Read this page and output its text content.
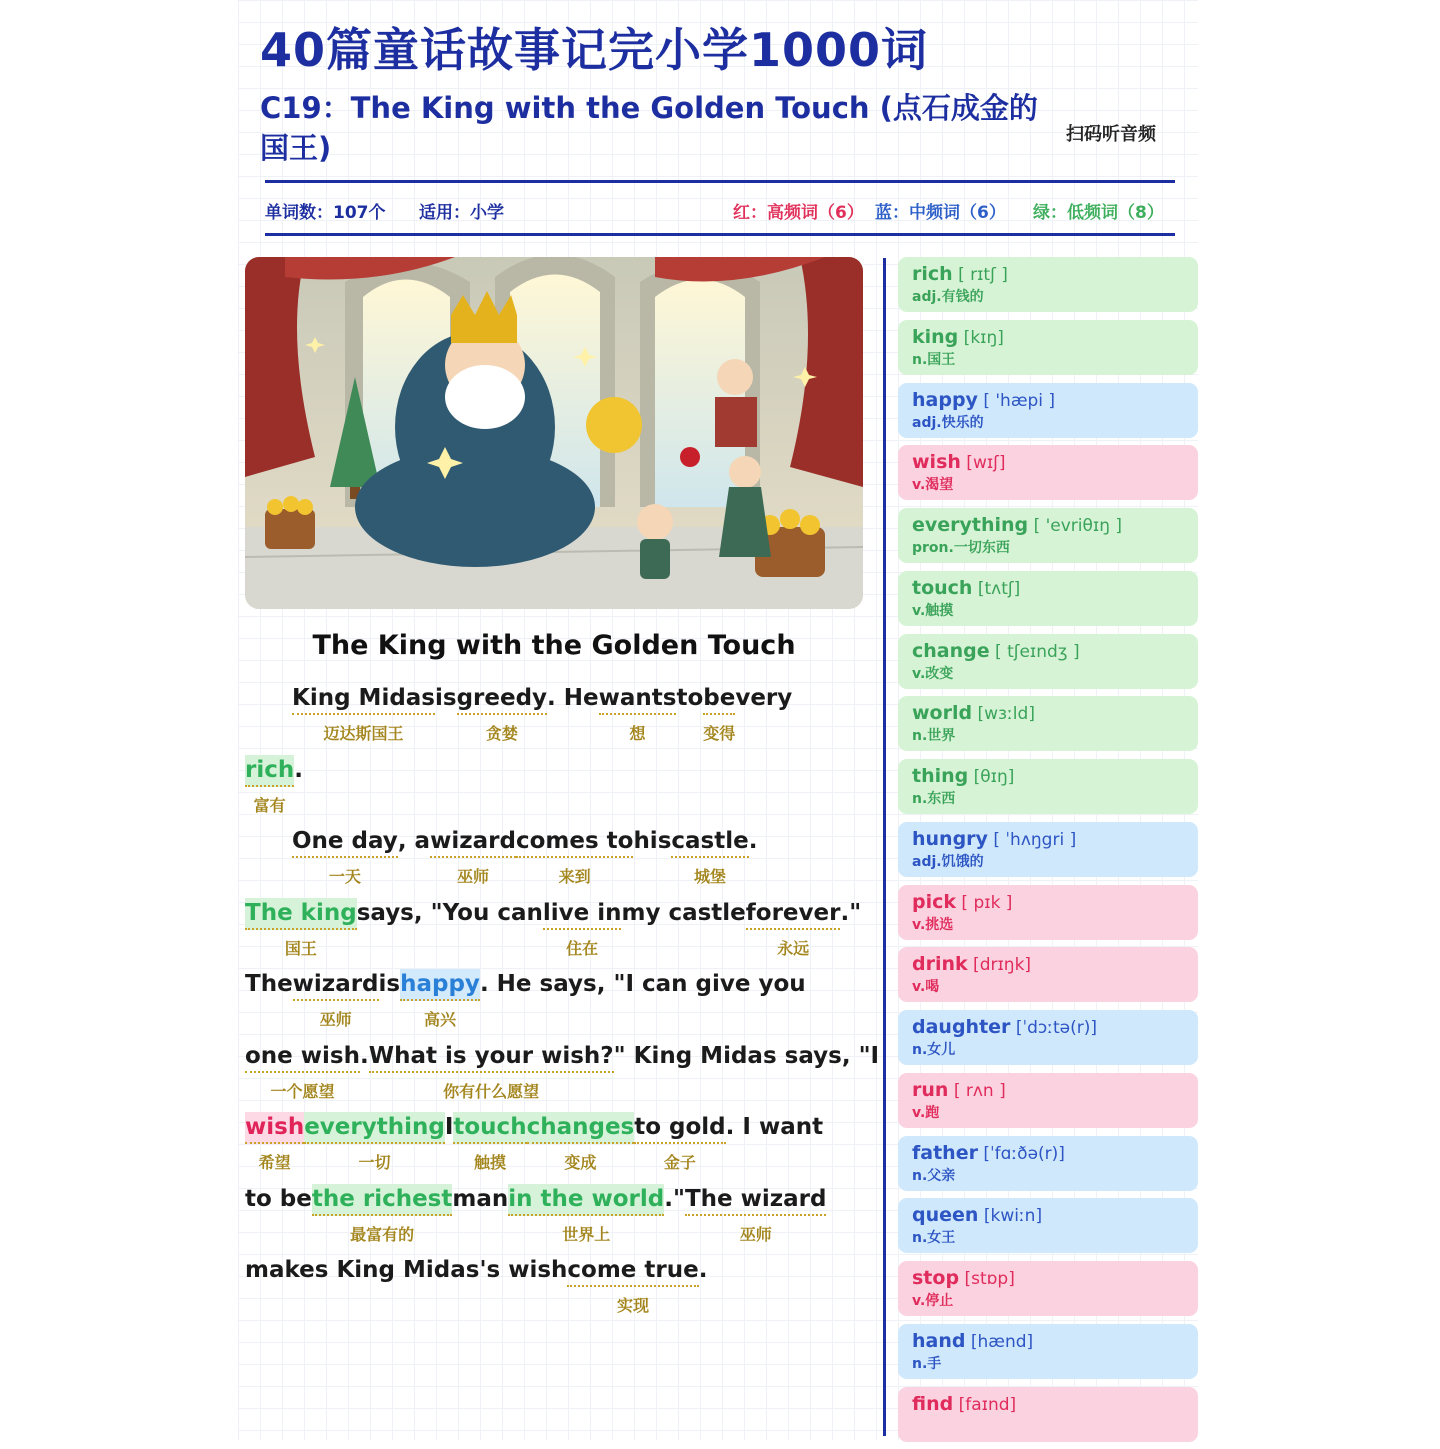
40篇童话故事记完小学1000词
C19：The King with the Golden Touch (点石成金的国王)	扫码听音频
单词数：107个 适用：小学	红：高频词（6） 蓝：中频词（6） 绿：低频词（8）
The King with the Golden Touch
King Midas
迈达斯国王
isgreedy
贪婪
. Hewants
想
tobe
变得
very
rich
富有
.
One day
一天
, awizard
巫师
comes to
来到
hiscastle
城堡
.
The king
国王
says, "You canlive in
住在
my castleforever
永远
."
Thewizard
巫师
ishappy
高兴
. He says, "I can give you
one wish
一个愿望
.What is your wish?
你有什么愿望
" King Midas says, "I
wish
希望
everything
一切
Itouch
触摸
changes
变成
to gold
金子
. I want
to bethe richest
最富有的
manin the world
世界上
."The wizard
巫师
makes King Midas's wishcome true
实现
.
rich [ rɪtʃ ]
adj.有钱的
king [kɪŋ]
n.国王
happy [ 'hæpi ]
adj.快乐的
wish [wɪʃ]
v.渴望
everything [ 'evriθɪŋ ]
pron.一切东西
touch [tʌtʃ]
v.触摸
change [ tʃeɪndʒ ]
v.改变
world [wɜːld]
n.世界
thing [θɪŋ]
n.东西
hungry [ ˈhʌŋgri ]
adj.饥饿的
pick [ pɪk ]
v.挑选
drink [drɪŋk]
v.喝
daughter [ˈdɔːtə(r)]
n.女儿
run [ rʌn ]
v.跑
father [ˈfɑːðə(r)]
n.父亲
queen [kwiːn]
n.女王
stop [stɒp]
v.停止
hand [hænd]
n.手
find [faɪnd]
